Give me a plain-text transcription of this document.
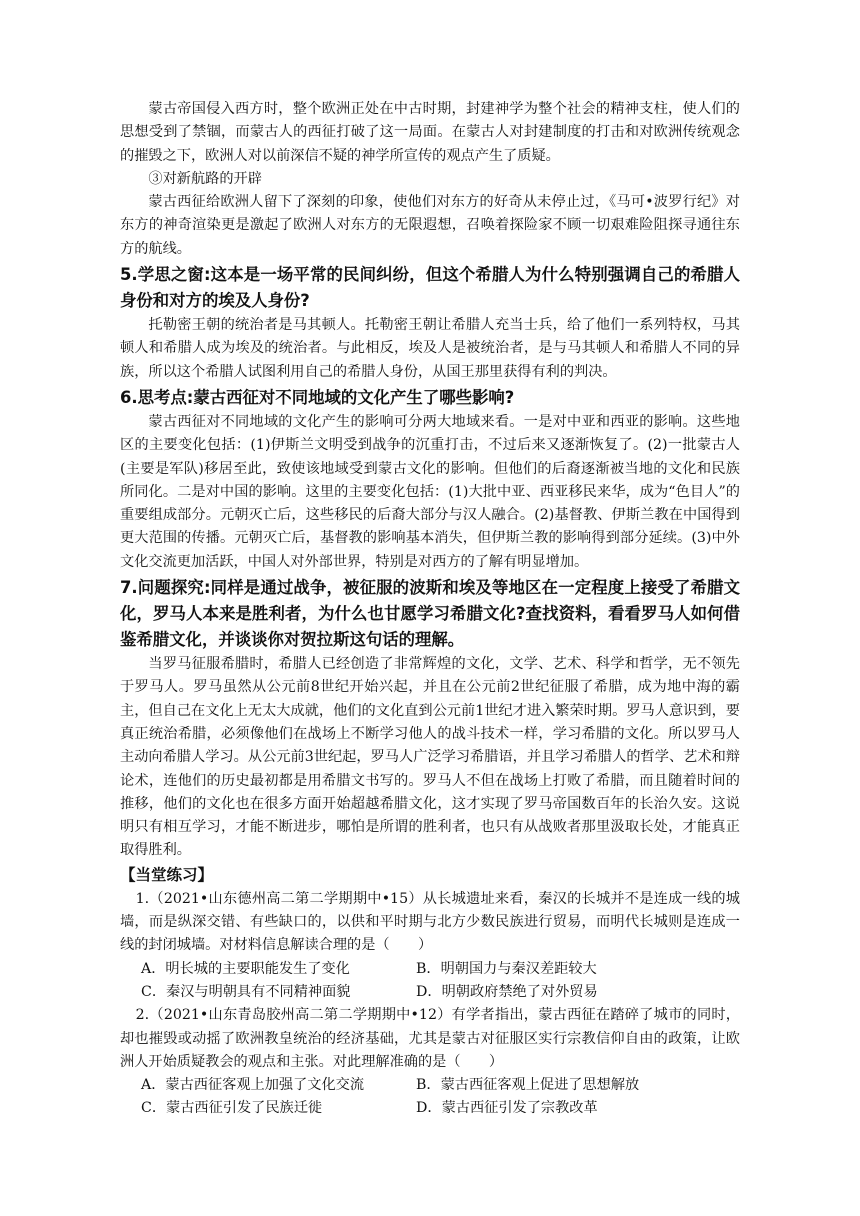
蒙古帝国侵入西方时，整个欧洲正处在中古时期，封建神学为整个社会的精神支柱，使人们的思想受到了禁锢，而蒙古人的西征打破了这一局面。在蒙古人对封建制度的打击和对欧洲传统观念的摧毁之下，欧洲人对以前深信不疑的神学所宣传的观点产生了质疑。

③对新航路的开辟

蒙古西征给欧洲人留下了深刻的印象，使他们对东方的好奇从未停止过，《马可•波罗行纪》对东方的神奇渲染更是激起了欧洲人对东方的无限遐想，召唤着探险家不顾一切艰难险阻探寻通往东方的航线。

5.学思之窗:这本是一场平常的民间纠纷，但这个希腊人为什么特别强调自己的希腊人身份和对方的埃及人身份?

托勒密王朝的统治者是马其顿人。托勒密王朝让希腊人充当士兵，给了他们一系列特权，马其顿人和希腊人成为埃及的统治者。与此相反，埃及人是被统治者，是与马其顿人和希腊人不同的异族，所以这个希腊人试图利用自己的希腊人身份，从国王那里获得有利的判决。

6.思考点:蒙古西征对不同地域的文化产生了哪些影响?

蒙古西征对不同地域的文化产生的影响可分两大地域来看。一是对中亚和西亚的影响。这些地区的主要变化包括：(1)伊斯兰文明受到战争的沉重打击，不过后来又逐渐恢复了。(2)一批蒙古人(主要是军队)移居至此，致使该地域受到蒙古文化的影响。但他们的后裔逐渐被当地的文化和民族所同化。二是对中国的影响。这里的主要变化包括：(1)大批中亚、西亚移民来华，成为“色目人”的重要组成部分。元朝灭亡后，这些移民的后裔大部分与汉人融合。(2)基督教、伊斯兰教在中国得到更大范围的传播。元朝灭亡后，基督教的影响基本消失，但伊斯兰教的影响得到部分延续。(3)中外文化交流更加活跃，中国人对外部世界，特别是对西方的了解有明显增加。

7.问题探究:同样是通过战争，被征服的波斯和埃及等地区在一定程度上接受了希腊文化，罗马人本来是胜利者，为什么也甘愿学习希腊文化?查找资料，看看罗马人如何借鉴希腊文化，并谈谈你对贺拉斯这句话的理解。

当罗马征服希腊时，希腊人已经创造了非常辉煌的文化，文学、艺术、科学和哲学，无不领先于罗马人。罗马虽然从公元前8世纪开始兴起，并且在公元前2世纪征服了希腊，成为地中海的霸主，但自己在文化上无太大成就，他们的文化直到公元前1世纪才进入繁荣时期。罗马人意识到，要真正统治希腊，必须像他们在战场上不断学习他人的战斗技术一样，学习希腊的文化。所以罗马人主动向希腊人学习。从公元前3世纪起，罗马人广泛学习希腊语，并且学习希腊人的哲学、艺术和辩论术，连他们的历史最初都是用希腊文书写的。罗马人不但在战场上打败了希腊，而且随着时间的推移，他们的文化也在很多方面开始超越希腊文化，这才实现了罗马帝国数百年的长治久安。这说明只有相互学习，才能不断进步，哪怕是所谓的胜利者，也只有从战败者那里汲取长处，才能真正取得胜利。

【当堂练习】

1.（2021•山东德州高二第二学期期中•15）从长城遗址来看，秦汉的长城并不是连成一线的城墙，而是纵深交错、有些缺口的，以供和平时期与北方少数民族进行贸易，而明代长城则是连成一线的封闭城墙。对材料信息解读合理的是（　　）

A．明长城的主要职能发生了变化	B．明朝国力与秦汉差距较大
C．秦汉与明朝具有不同精神面貌	D．明朝政府禁绝了对外贸易

2.（2021•山东青岛胶州高二第二学期期中•12）有学者指出，蒙古西征在踏碎了城市的同时，却也摧毁或动摇了欧洲教皇统治的经济基础，尤其是蒙古对征服区实行宗教信仰自由的政策，让欧洲人开始质疑教会的观点和主张。对此理解准确的是（　　）

A．蒙古西征客观上加强了文化交流	B．蒙古西征客观上促进了思想解放
C．蒙古西征引发了民族迁徙	D．蒙古西征引发了宗教改革
